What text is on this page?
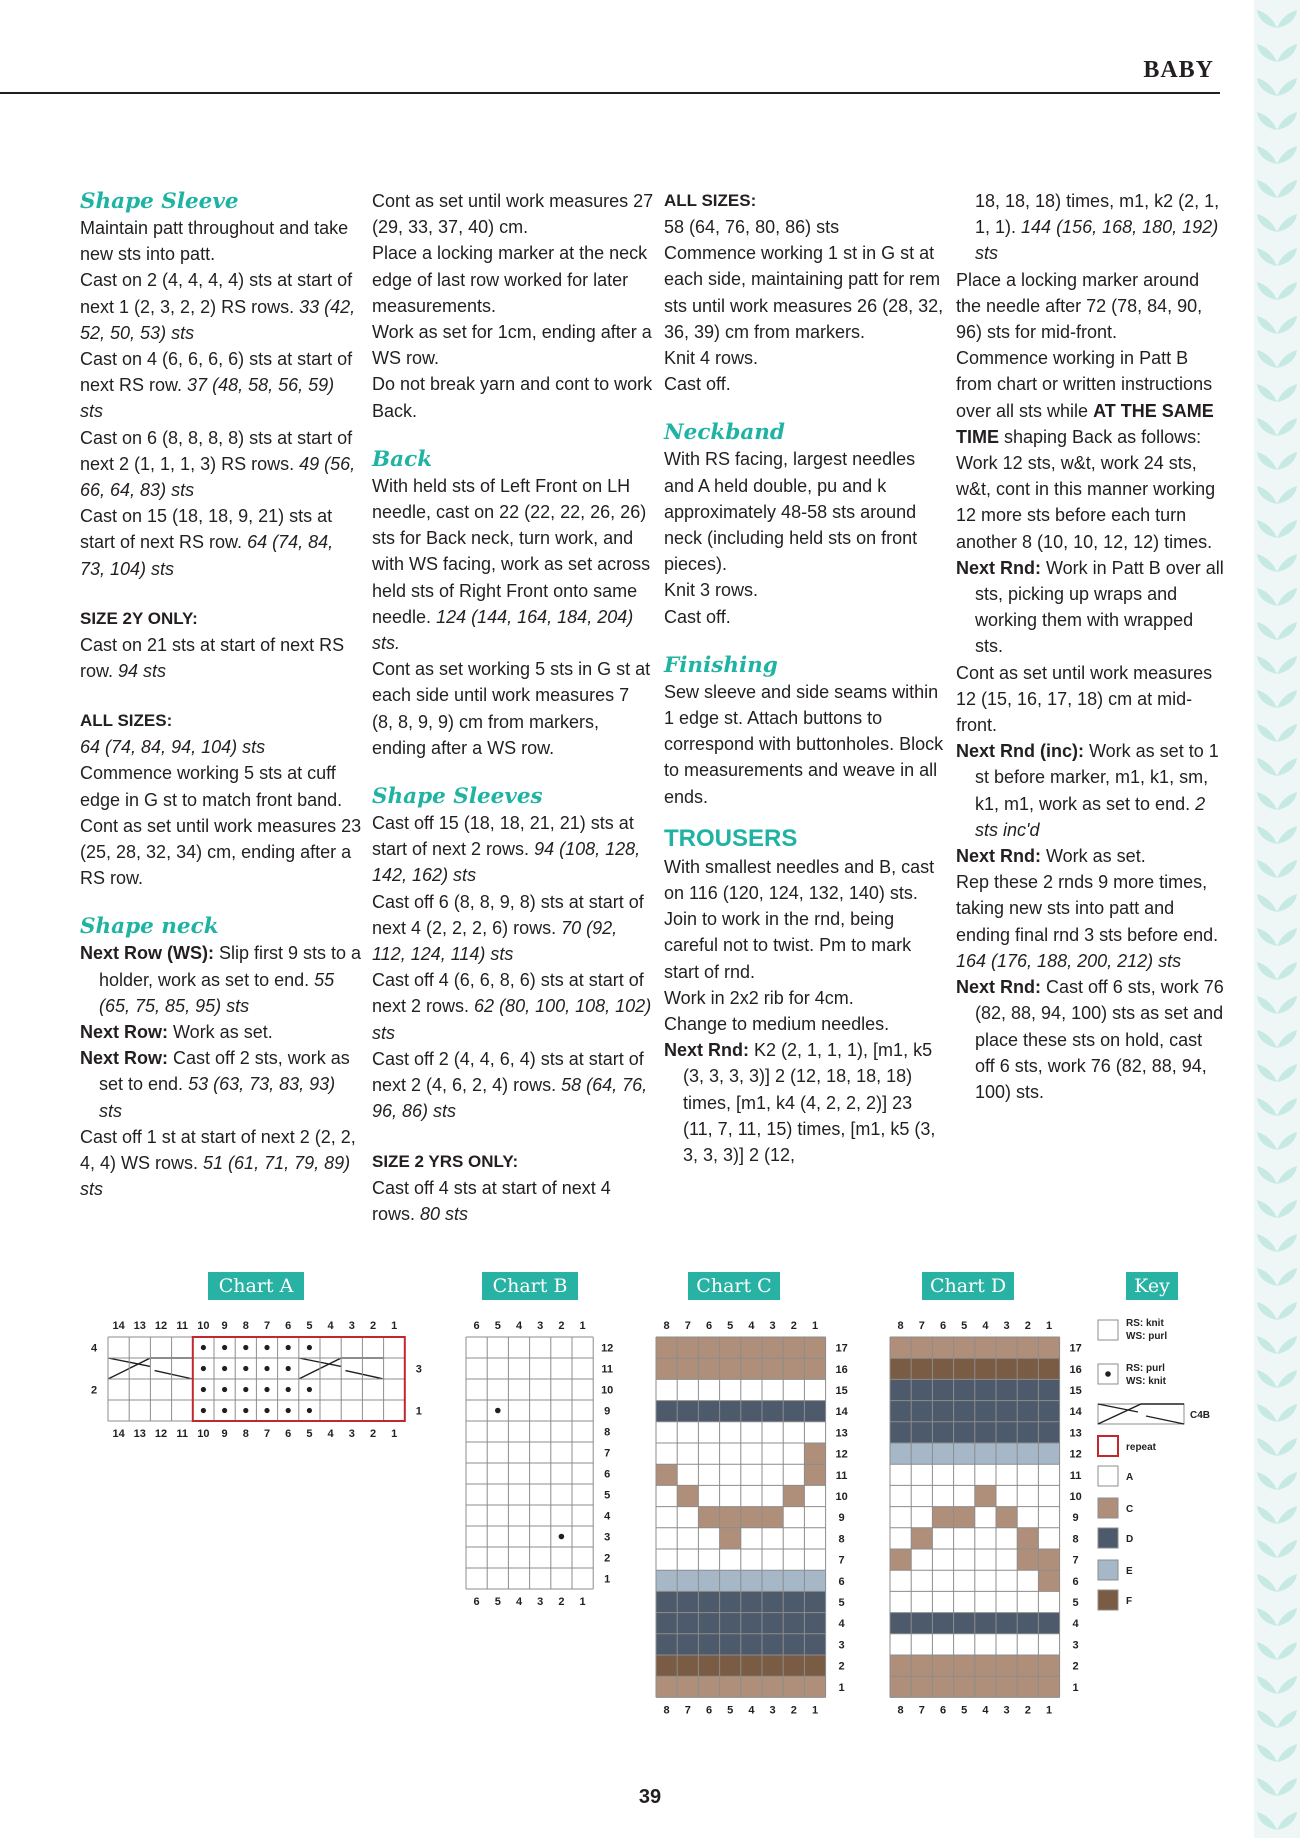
BABY

Shape Sleeve

Maintain patt throughout and take new sts into patt.

Cast on 2 (4, 4, 4, 4) sts at start of next 1 (2, 3, 2, 2) RS rows. 33 (42, 52, 50, 53) sts

Cast on 4 (6, 6, 6, 6) sts at start of next RS row. 37 (48, 58, 56, 59) sts

Cast on 6 (8, 8, 8, 8) sts at start of next 2 (1, 1, 1, 3) RS rows. 49 (56, 66, 64, 83) sts

Cast on 15 (18, 18, 9, 21) sts at start of next RS row. 64 (74, 84, 73, 104) sts

SIZE 2Y ONLY:

Cast on 21 sts at start of next RS row. 94 sts

ALL SIZES:

64 (74, 84, 94, 104) sts

Commence working 5 sts at cuff edge in G st to match front band.

Cont as set until work measures 23 (25, 28, 32, 34) cm, ending after a RS row.

Shape neck

Next Row (WS): Slip first 9 sts to a holder, work as set to end. 55 (65, 75, 85, 95) sts

Next Row: Work as set.

Next Row: Cast off 2 sts, work as set to end. 53 (63, 73, 83, 93) sts

Cast off 1 st at start of next 2 (2, 2, 4, 4) WS rows. 51 (61, 71, 79, 89) sts

Cont as set until work measures 27 (29, 33, 37, 40) cm.

Place a locking marker at the neck edge of last row worked for later measurements.

Work as set for 1cm, ending after a WS row.

Do not break yarn and cont to work Back.

Back

With held sts of Left Front on LH needle, cast on 22 (22, 22, 26, 26) sts for Back neck, turn work, and with WS facing, work as set across held sts of Right Front onto same needle. 124 (144, 164, 184, 204) sts.

Cont as set working 5 sts in G st at each side until work measures 7 (8, 8, 9, 9) cm from markers, ending after a WS row.

Shape Sleeves

Cast off 15 (18, 18, 21, 21) sts at start of next 2 rows. 94 (108, 128, 142, 162) sts

Cast off 6 (8, 8, 9, 8) sts at start of next 4 (2, 2, 2, 6) rows. 70 (92, 112, 124, 114) sts

Cast off 4 (6, 6, 8, 6) sts at start of next 2 rows. 62 (80, 100, 108, 102) sts

Cast off 2 (4, 4, 6, 4) sts at start of next 2 (4, 6, 2, 4) rows. 58 (64, 76, 96, 86) sts

SIZE 2 YRS ONLY:

Cast off 4 sts at start of next 4 rows. 80 sts

ALL SIZES:

58 (64, 76, 80, 86) sts

Commence working 1 st in G st at each side, maintaining patt for rem sts until work measures 26 (28, 32, 36, 39) cm from markers.

Knit 4 rows.

Cast off.

Neckband

With RS facing, largest needles and A held double, pu and k approximately 48-58 sts around neck (including held sts on front pieces).

Knit 3 rows.

Cast off.

Finishing

Sew sleeve and side seams within 1 edge st. Attach buttons to correspond with buttonholes. Block to measurements and weave in all ends.

TROUSERS

With smallest needles and B, cast on 116 (120, 124, 132, 140) sts. Join to work in the rnd, being careful not to twist. Pm to mark start of rnd.

Work in 2x2 rib for 4cm.

Change to medium needles.

Next Rnd: K2 (2, 1, 1, 1), [m1, k5 (3, 3, 3, 3)] 2 (12, 18, 18, 18) times, [m1, k4 (4, 2, 2, 2)] 23 (11, 7, 11, 15) times, [m1, k5 (3, 3, 3, 3)] 2 (12,

18, 18, 18) times, m1, k2 (2, 1, 1, 1). 144 (156, 168, 180, 192) sts

Place a locking marker around the needle after 72 (78, 84, 90, 96) sts for mid-front.

Commence working in Patt B from chart or written instructions over all sts while AT THE SAME TIME shaping Back as follows:

Work 12 sts, w&t, work 24 sts, w&t, cont in this manner working 12 more sts before each turn another 8 (10, 10, 12, 12) times.

Next Rnd: Work in Patt B over all sts, picking up wraps and working them with wrapped sts.

Cont as set until work measures 12 (15, 16, 17, 18) cm at mid-front.

Next Rnd (inc): Work as set to 1 st before marker, m1, k1, sm, k1, m1, work as set to end. 2 sts inc'd

Next Rnd: Work as set.

Rep these 2 rnds 9 more times, taking new sts into patt and ending final rnd 3 sts before end. 164 (176, 188, 200, 212) sts

Next Rnd: Cast off 6 sts, work 76 (82, 88, 94, 100) sts as set and place these sts on hold, cast off 6 sts, work 76 (82, 88, 94, 100) sts.

Chart A	Chart B	Chart C	Chart D	Key
14
14
13
13
12
12
11
11
10
10
9
9
8
8
7
7
6
6
5
5
4
4
3
3
2
2
1
1
4
2
3
1
6
6
5
5
4
4
3
3
2
2
1
1
12
11
10
9
8
7
6
5
4
3
2
1
8
8
7
7
6
6
5
5
4
4
3
3
2
2
1
1
17
16
15
14
13
12
11
10
9
8
7
6
5
4
3
2
1
8
8
7
7
6
6
5
5
4
4
3
3
2
2
1
1
17
16
15
14
13
12
11
10
9
8
7
6
5
4
3
2
1
RS: knit
WS: purl
RS: purl
WS: knit
C4B
repeat
A
C
D
E
F
39
